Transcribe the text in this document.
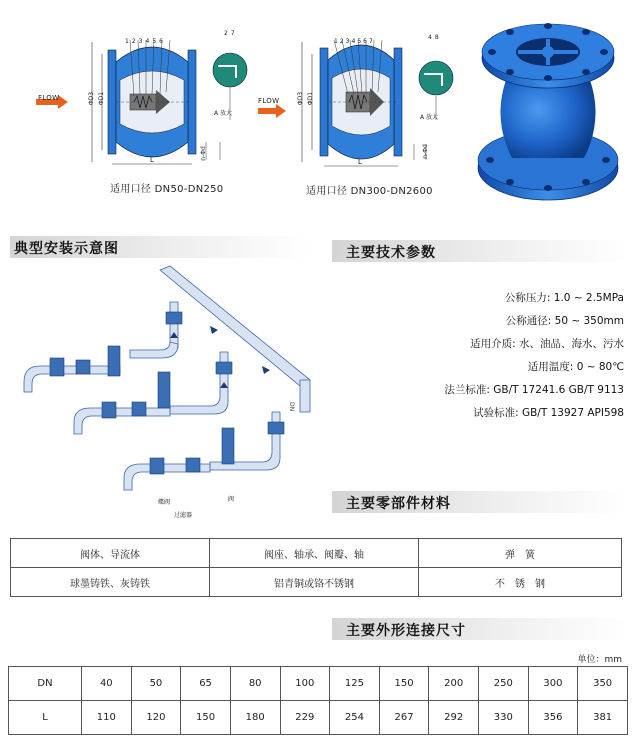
FLOW	ΦD3 ΦD1
L
A 放大
n-Φd
123456
27
适用口径 DN50-DN250
FLOW	ΦD3 ΦD1
L
A 放大
n-Φd
1234567
48
适用口径 DN300-DN2600
典型安装示意图
DN
蝶阀
过滤器
阀
主要技术参数
公称压力: 1.0 ~ 2.5MPa
公称通径: 50 ~ 350mm
适用介质: 水、油品、海水、污水
适用温度: 0 ~ 80℃
法兰标准: GB/T 17241.6 GB/T 9113
试验标准: GB/T 13927 API598
主要零部件材料
阀体、导流体	阀座、轴承、阀瓣、轴	弹　簧
球墨铸铁、灰铸铁	铝青铜或铬不锈钢	不　锈　钢
主要外形连接尺寸
单位：mm
DN	40	50	65	80	100	125	150	200	250	300	350
L	110	120	150	180	229	254	267	292	330	356	381
